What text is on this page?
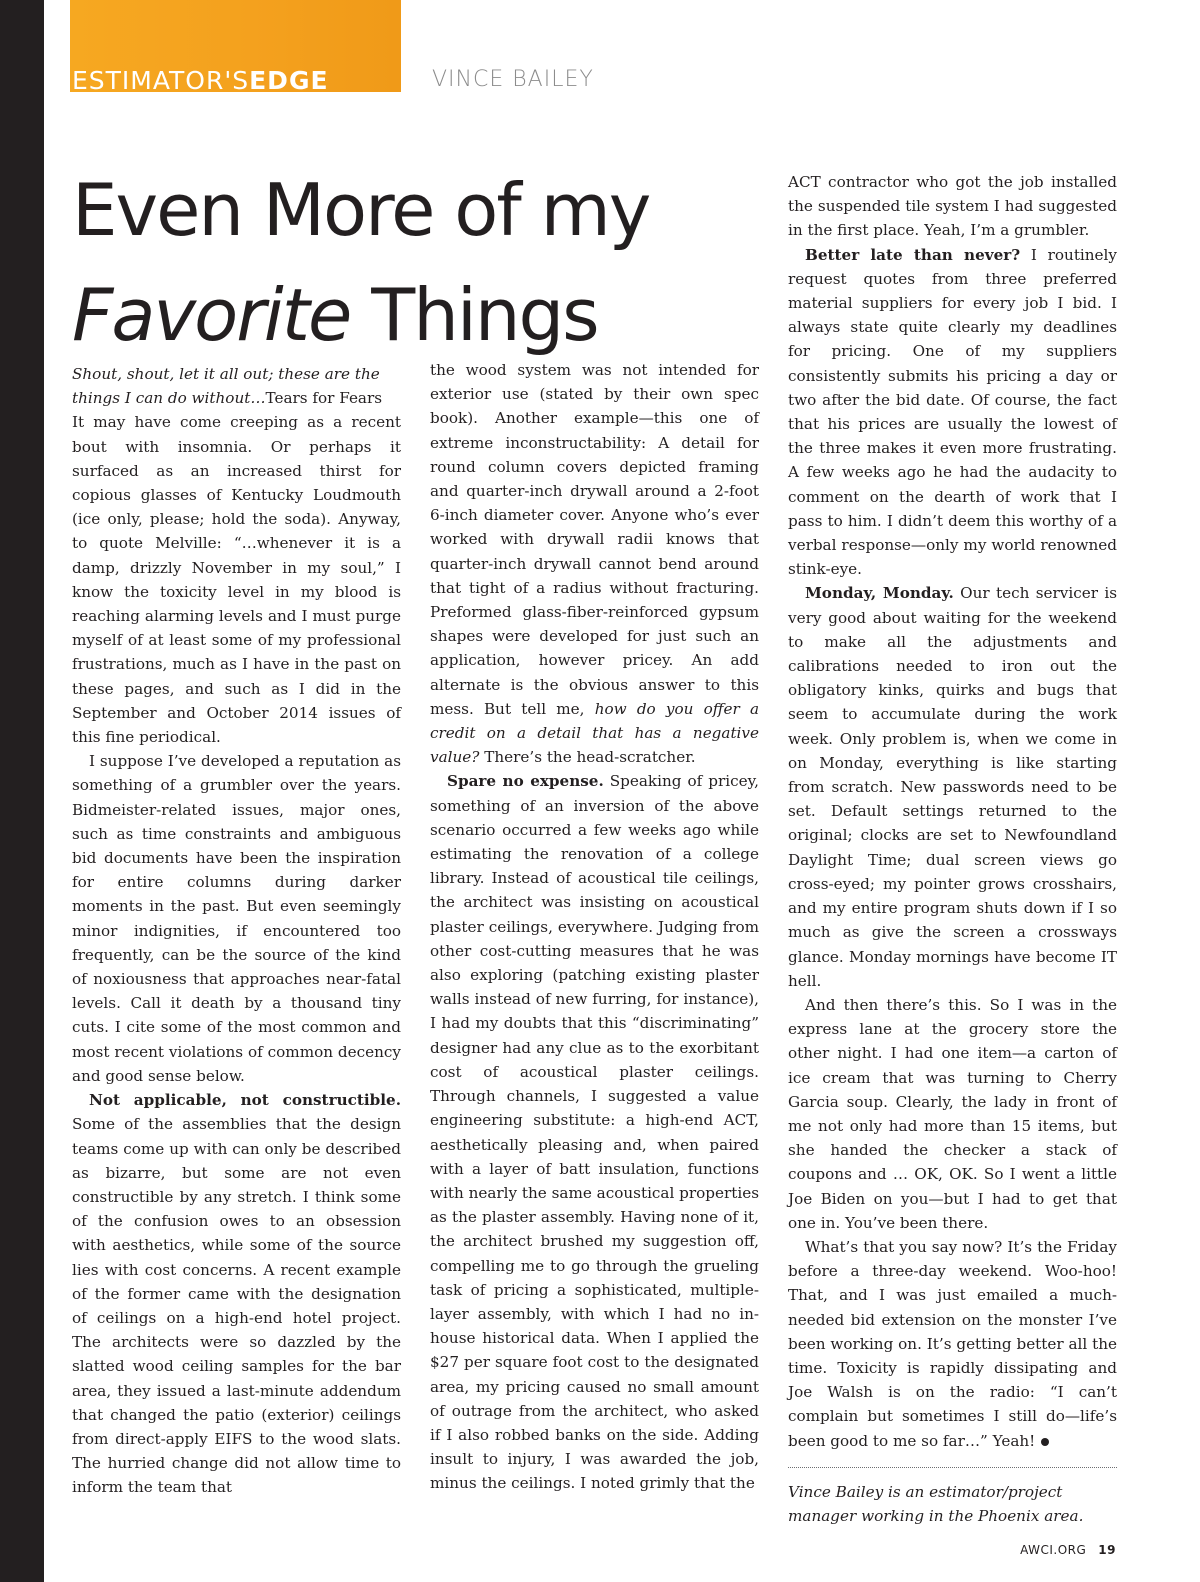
ESTIMATOR'SEDGE	VINCE BAILEY
Even More of my
Favorite Things

Shout, shout, let it all out; these are the things I can do without…Tears for Fears

It may have come creeping as a recent bout with insomnia. Or perhaps it surfaced as an increased thirst for copious glasses of Kentucky Loudmouth (ice only, please; hold the soda). Anyway, to quote Melville: “…whenever it is a damp, drizzly November in my soul,” I know the toxicity level in my blood is reaching alarming levels and I must purge myself of at least some of my professional frustrations, much as I have in the past on these pages, and such as I did in the September and October 2014 issues of this fine periodical.

I suppose I’ve developed a reputation as something of a grumbler over the years. Bidmeister-related issues, major ones, such as time constraints and ambiguous bid documents have been the inspiration for entire columns during darker moments in the past. But even seemingly minor indignities, if encountered too frequently, can be the source of the kind of noxiousness that approaches near-fatal levels. Call it death by a thousand tiny cuts. I cite some of the most common and most recent violations of common decency and good sense below.

Not applicable, not constructible. Some of the assemblies that the design teams come up with can only be described as bizarre, but some are not even constructible by any stretch. I think some of the confusion owes to an obsession with aesthetics, while some of the source lies with cost concerns. A recent example of the former came with the designation of ceilings on a high-end hotel project. The architects were so dazzled by the slatted wood ceiling samples for the bar area, they issued a last-minute addendum that changed the patio (exterior) ceilings from direct-apply EIFS to the wood slats. The hurried change did not allow time to inform the team that

the wood system was not intended for exterior use (stated by their own spec book). Another example—this one of extreme inconstructability: A detail for round column covers depicted framing and quarter-inch drywall around a 2-foot 6-inch diameter cover. Anyone who’s ever worked with drywall radii knows that quarter-inch drywall cannot bend around that tight of a radius without fracturing. Preformed glass-fiber-reinforced gypsum shapes were developed for just such an application, however pricey. An add alternate is the obvious answer to this mess. But tell me, how do you offer a credit on a detail that has a negative value? There’s the head-scratcher.

Spare no expense. Speaking of pricey, something of an inversion of the above scenario occurred a few weeks ago while estimating the renovation of a college library. Instead of acoustical tile ceilings, the architect was insisting on acoustical plaster ceilings, everywhere. Judging from other cost-cutting measures that he was also exploring (patching existing plaster walls instead of new furring, for instance), I had my doubts that this “discriminating” designer had any clue as to the exorbitant cost of acoustical plaster ceilings. Through channels, I suggested a value engineering substitute: a high-end ACT, aesthetically pleasing and, when paired with a layer of batt insulation, functions with nearly the same acoustical properties as the plaster assembly. Having none of it, the architect brushed my suggestion off, compelling me to go through the grueling task of pricing a sophisticated, multiple-layer assembly, with which I had no in-house historical data. When I applied the $27 per square foot cost to the designated area, my pricing caused no small amount of outrage from the architect, who asked if I also robbed banks on the side. Adding insult to injury, I was awarded the job, minus the ceilings. I noted grimly that the

ACT contractor who got the job installed the suspended tile system I had suggested in the first place. Yeah, I’m a grumbler.

Better late than never? I routinely request quotes from three preferred material suppliers for every job I bid. I always state quite clearly my deadlines for pricing. One of my suppliers consistently submits his pricing a day or two after the bid date. Of course, the fact that his prices are usually the lowest of the three makes it even more frustrating. A few weeks ago he had the audacity to comment on the dearth of work that I pass to him. I didn’t deem this worthy of a verbal response—only my world renowned stink-eye.

Monday, Monday. Our tech servicer is very good about waiting for the weekend to make all the adjustments and calibrations needed to iron out the obligatory kinks, quirks and bugs that seem to accumulate during the work week. Only problem is, when we come in on Monday, everything is like starting from scratch. New passwords need to be set. Default settings returned to the original; clocks are set to Newfoundland Daylight Time; dual screen views go cross-eyed; my pointer grows crosshairs, and my entire program shuts down if I so much as give the screen a crossways glance. Monday mornings have become IT hell.

And then there’s this. So I was in the express lane at the grocery store the other night. I had one item—a carton of ice cream that was turning to Cherry Garcia soup. Clearly, the lady in front of me not only had more than 15 items, but she handed the checker a stack of coupons and … OK, OK. So I went a little Joe Biden on you—but I had to get that one in. You’ve been there.

What’s that you say now? It’s the Friday before a three-day weekend. Woo-hoo! That, and I was just emailed a much-needed bid extension on the monster I’ve been working on. It’s getting better all the time. Toxicity is rapidly dissipating and Joe Walsh is on the radio: “I can’t complain but sometimes I still do—life’s been good to me so far…” Yeah!

Vince Bailey is an estimator/project manager working in the Phoenix area.

AWCI.ORG 19
